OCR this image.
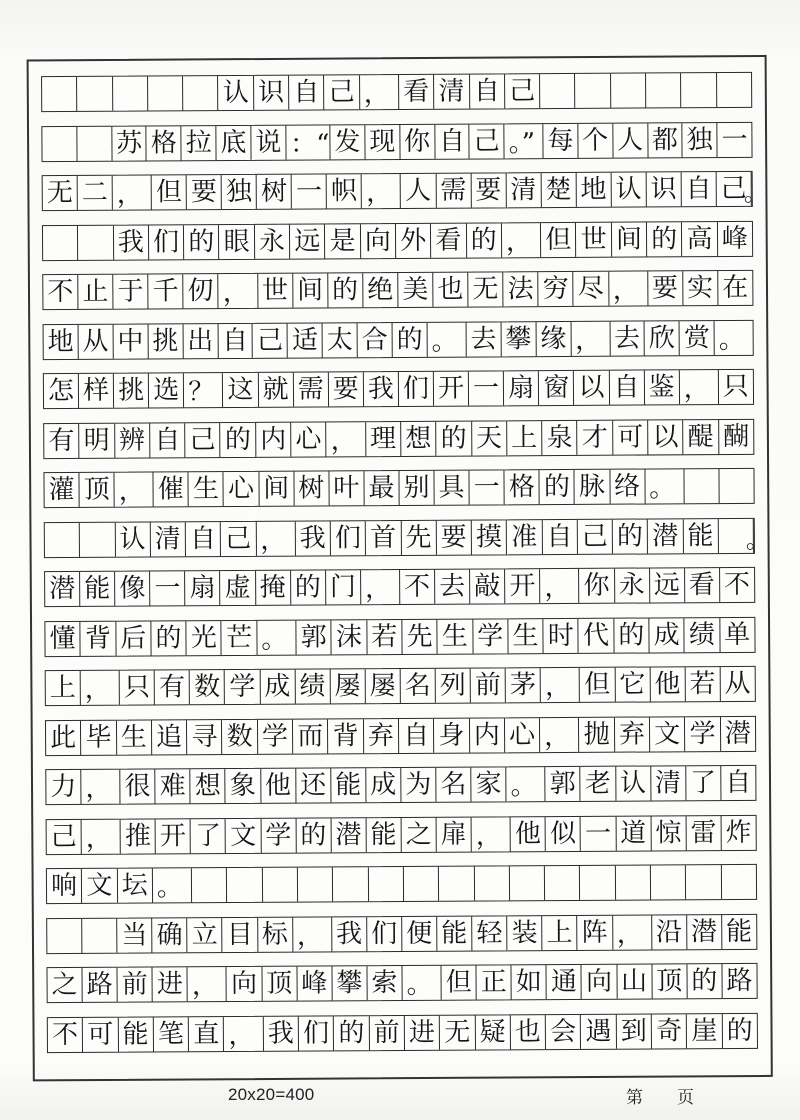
认 识 自 己 ， 看 清 自 己
苏 格 拉 底 说 ：“ 发 现 你 自 己 。” 每 个 人 都 独 一
无 二 ， 但 要 独 树 一 帜 ， 人 需 要 清 楚 地 认 识 自 己
。
我 们 的 眼 永 远 是 向 外 看 的 ， 但 世 间 的 高 峰
不 止 于 千 仞 ， 世 间 的 绝 美 也 无 法 穷 尽 ， 要 实 在
地 从 中 挑 出 自 己 适 太 合 的 。 去 攀 缘 ， 去 欣 赏 。
怎 样 挑 选 ？ 这 就 需 要 我 们 开 一 扇 窗 以 自 鉴 ， 只
有 明 辨 自 己 的 内 心 ， 理 想 的 天 上 泉 才 可 以 醍 醐
灌 顶 ， 催 生 心 间 树 叶 最 别 具 一 格 的 脉 络 。
认 清 自 己 ， 我 们 首 先 要 摸 准 自 己 的 潜 能 。
潜 能 像 一 扇 虚 掩 的 门 ， 不 去 敲 开 ， 你 永 远 看 不
懂 背 后 的 光 芒 。 郭 沫 若 先 生 学 生 时 代 的 成 绩 单
上 ， 只 有 数 学 成 绩 屡 屡 名 列 前 茅 ， 但 它 他 若 从
此 毕 生 追 寻 数 学 而 背 弃 自 身 内 心 ， 抛 弃 文 学 潜
力 ， 很 难 想 象 他 还 能 成 为 名 家 。 郭 老 认 清 了 自
己 ， 推 开 了 文 学 的 潜 能 之 扉 ， 他 似 一 道 惊 雷 炸
响 文 坛 。
当 确 立 目 标 ， 我 们 便 能 轻 装 上 阵 ， 沿 潜 能
之 路 前 进 ， 向 顶 峰 攀 索 。 但 正 如 通 向 山 顶 的 路
不 可 能 笔 直 ， 我 们 的 前 进 无 疑 也 会 遇 到 奇 崖 的
20x20=400	第 页
